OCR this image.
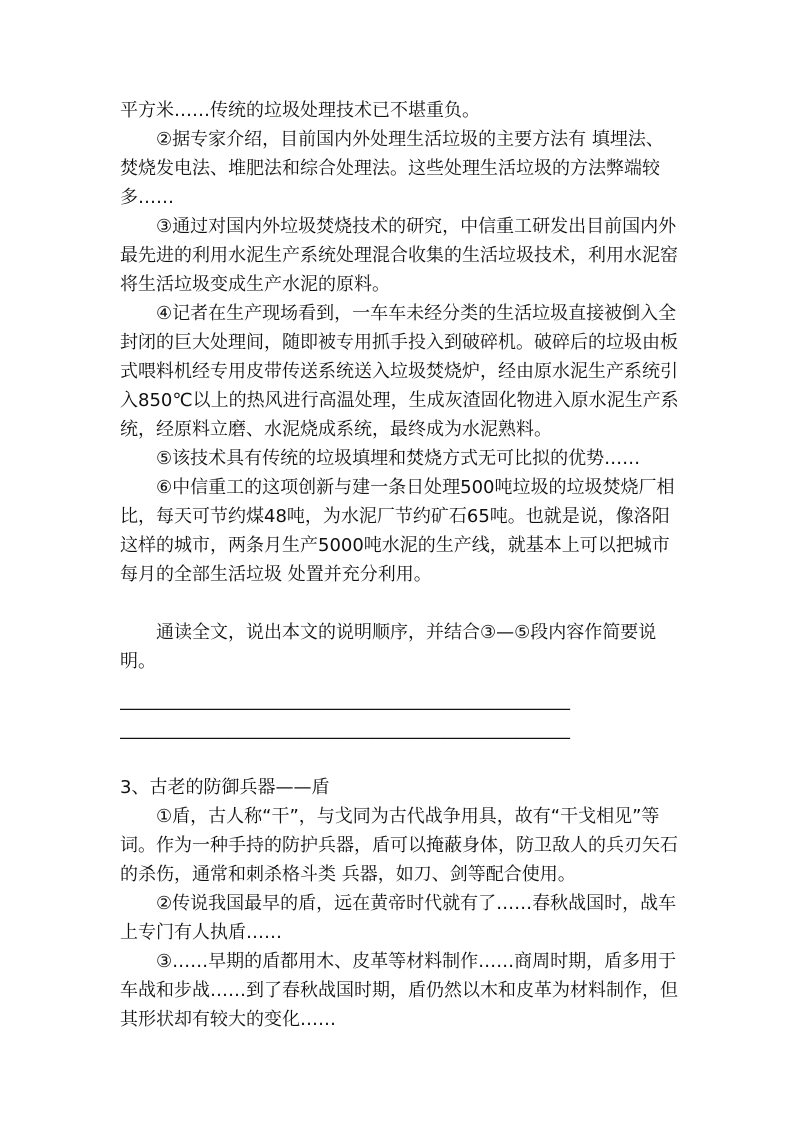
平方米……传统的垃圾处理技术已不堪重负。

②据专家介绍，目前国内外处理生活垃圾的主要方法有 填埋法、焚烧发电法、堆肥法和综合处理法。这些处理生活垃圾的方法弊端较多……

③通过对国内外垃圾焚烧技术的研究，中信重工研发出目前国内外最先进的利用水泥生产系统处理混合收集的生活垃圾技术，利用水泥窑将生活垃圾变成生产水泥的原料。

④记者在生产现场看到，一车车未经分类的生活垃圾直接被倒入全封闭的巨大处理间，随即被专用抓手投入到破碎机。破碎后的垃圾由板式喂料机经专用皮带传送系统送入垃圾焚烧炉，经由原水泥生产系统引入850℃以上的热风进行高温处理，生成灰渣固化物进入原水泥生产系统，经原料立磨、水泥烧成系统，最终成为水泥熟料。

⑤该技术具有传统的垃圾填埋和焚烧方式无可比拟的优势……

⑥中信重工的这项创新与建一条日处理500吨垃圾的垃圾焚烧厂相比，每天可节约煤48吨，为水泥厂节约矿石65吨。也就是说，像洛阳这样的城市，两条月生产5000吨水泥的生产线，就基本上可以把城市每月的全部生活垃圾 处置并充分利用。

通读全文，说出本文的说明顺序，并结合③—⑤段内容作简要说明。

__________________________________________________

__________________________________________________

3、古老的防御兵器——盾

①盾，古人称“干”，与戈同为古代战争用具，故有“干戈相见”等词。作为一种手持的防护兵器，盾可以掩蔽身体，防卫敌人的兵刃矢石的杀伤，通常和刺杀格斗类 兵器，如刀、剑等配合使用。

②传说我国最早的盾，远在黄帝时代就有了……春秋战国时，战车上专门有人执盾……

③……早期的盾都用木、皮革等材料制作……商周时期，盾多用于车战和步战……到了春秋战国时期，盾仍然以木和皮革为材料制作，但其形状却有较大的变化……
